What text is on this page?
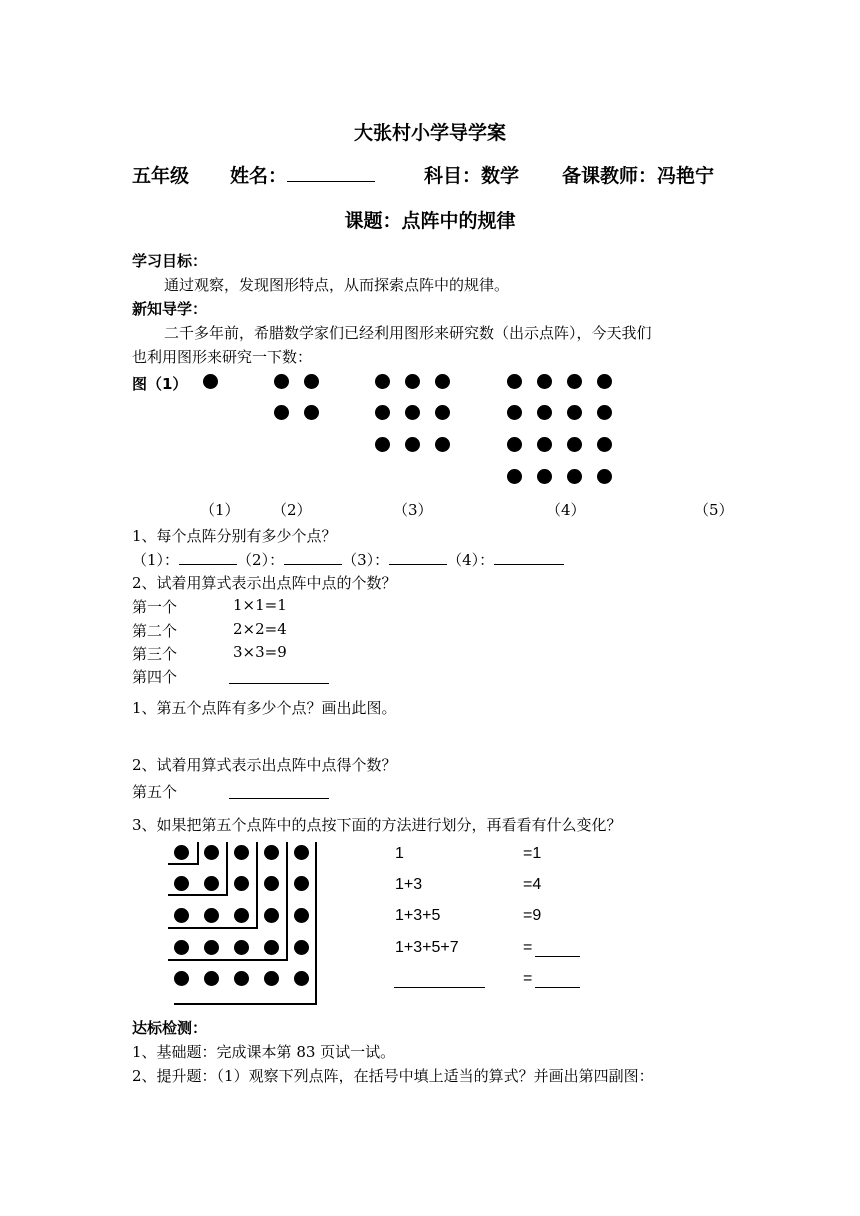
大张村小学导学案
五年级 姓名：	科目：数学 备课教师：冯艳宁
课题：点阵中的规律
学习目标：
通过观察，发现图形特点，从而探索点阵中的规律。
新知导学：
二千多年前，希腊数学家们已经利用图形来研究数（出示点阵），今天我们
也利用图形来研究一下数：
图（1）
（1） （2）	（3）	（4）	（5）
1、每个点阵分别有多少个点？
（1）：	（2）：	（3）：	（4）：
2、试着用算式表示出点阵中点的个数？
第一个	1×1=1
第二个	2×2=4
第三个	3×3=9
第四个
1、第五个点阵有多少个点？画出此图。
2、试着用算式表示出点阵中点得个数？
第五个
3、如果把第五个点阵中的点按下面的方法进行划分，再看看有什么变化？
1	=1
1+3	=4
1+3+5	=9
1+3+5+7	=
=
达标检测：
1、基础题：完成课本第 83 页试一试。
2、提升题：（1）观察下列点阵，在括号中填上适当的算式？并画出第四副图：
